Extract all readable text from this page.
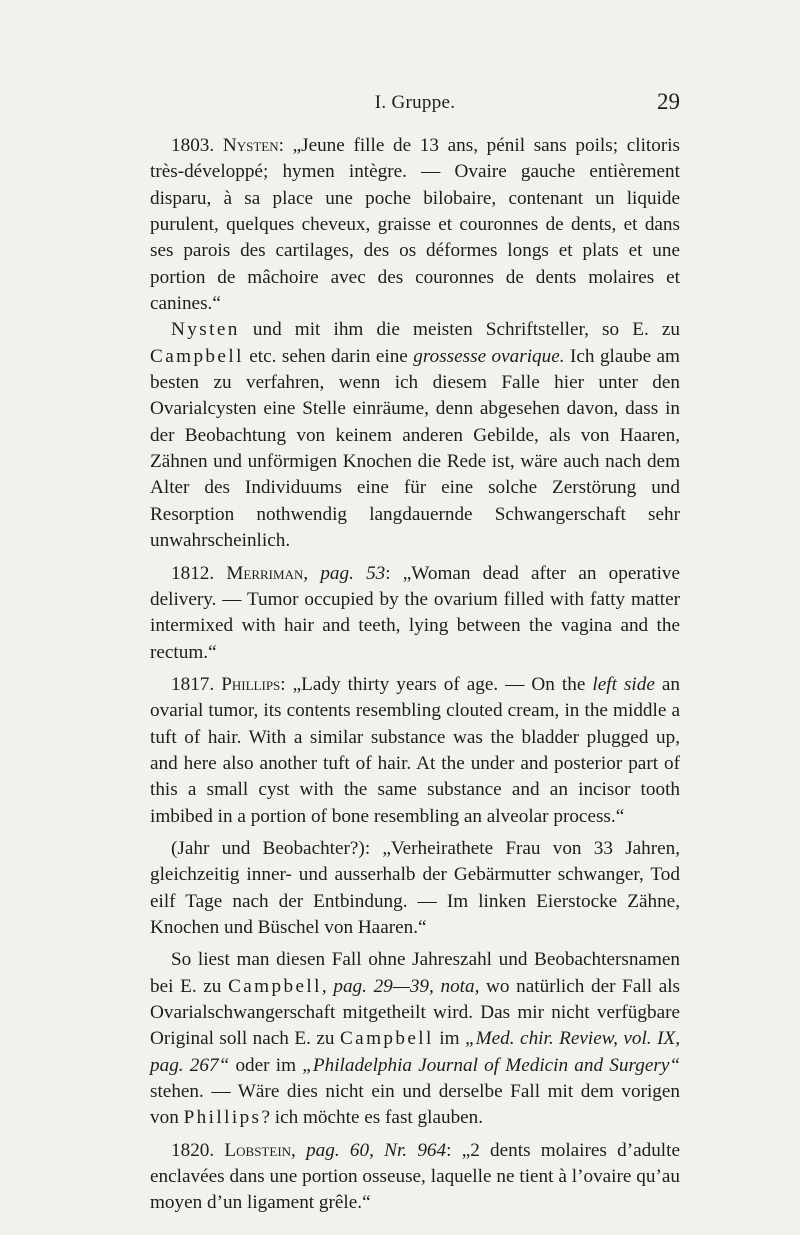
I. Gruppe.	29

1803. Nysten: „Jeune fille de 13 ans, pénil sans poils; clitoris très-développé; hymen intègre. — Ovaire gauche entièrement disparu, à sa place une poche bilobaire, contenant un liquide purulent, quelques cheveux, graisse et couronnes de dents, et dans ses parois des cartilages, des os déformes longs et plats et une portion de mâchoire avec des couronnes de dents molaires et canines.“

Nysten und mit ihm die meisten Schriftsteller, so E. zu Campbell etc. sehen darin eine grossesse ovarique. Ich glaube am besten zu verfahren, wenn ich diesem Falle hier unter den Ovarialcysten eine Stelle einräume, denn abgesehen davon, dass in der Beobachtung von keinem anderen Gebilde, als von Haaren, Zähnen und unförmigen Knochen die Rede ist, wäre auch nach dem Alter des Individuums eine für eine solche Zerstörung und Resorption nothwendig langdauernde Schwangerschaft sehr unwahrscheinlich.

1812. Merriman, pag. 53: „Woman dead after an operative delivery. — Tumor occupied by the ovarium filled with fatty matter intermixed with hair and teeth, lying between the vagina and the rectum.“

1817. Phillips: „Lady thirty years of age. — On the left side an ovarial tumor, its contents resembling clouted cream, in the middle a tuft of hair. With a similar substance was the bladder plugged up, and here also another tuft of hair. At the under and posterior part of this a small cyst with the same substance and an incisor tooth imbibed in a portion of bone resembling an alveolar process.“

(Jahr und Beobachter?): „Verheirathete Frau von 33 Jahren, gleichzeitig inner- und ausserhalb der Gebärmutter schwanger, Tod eilf Tage nach der Entbindung. — Im linken Eierstocke Zähne, Knochen und Büschel von Haaren.“

So liest man diesen Fall ohne Jahreszahl und Beobachtersnamen bei E. zu Campbell, pag. 29—39, nota, wo natürlich der Fall als Ovarialschwangerschaft mitgetheilt wird. Das mir nicht verfügbare Original soll nach E. zu Campbell im „Med. chir. Review, vol. IX, pag. 267“ oder im „Philadelphia Journal of Medicin and Surgery“ stehen. — Wäre dies nicht ein und derselbe Fall mit dem vorigen von Phillips? ich möchte es fast glauben.

1820. Lobstein, pag. 60, Nr. 964: „2 dents molaires d’adulte enclavées dans une portion osseuse, laquelle ne tient à l’ovaire qu’au moyen d’un ligament grêle.“
